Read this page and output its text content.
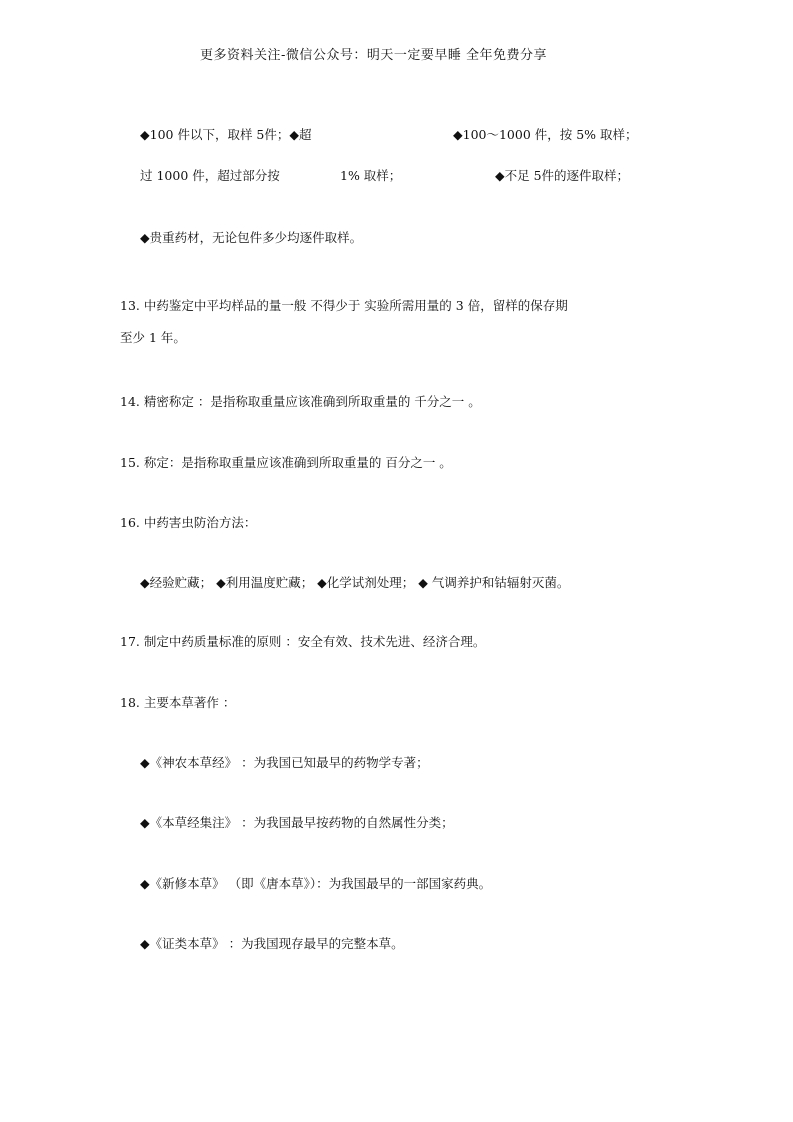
更多资料关注-微信公众号：明天一定要早睡 全年免费分享
◆100 件以下，取样 5件；◆超	◆100～1000 件，按 5% 取样；
过 1000 件，超过部分按	1% 取样；	◆不足 5件的逐件取样；
◆贵重药材，无论包件多少均逐件取样。
13. 中药鉴定中平均样品的量一般 不得少于 实验所需用量的 3 倍，留样的保存期
至少 1 年。
14. 精密称定 ：是指称取重量应该准确到所取重量的 千分之一 。
15. 称定：是指称取重量应该准确到所取重量的 百分之一 。
16. 中药害虫防治方法：
◆经验贮藏； ◆利用温度贮藏； ◆化学试剂处理； ◆ 气调养护和钴辐射灭菌。
17. 制定中药质量标准的原则 ：安全有效、技术先进、经济合理。
18. 主要本草著作 ：
◆《神农本草经》 ：为我国已知最早的药物学专著；
◆《本草经集注》 ：为我国最早按药物的自然属性分类；
◆《新修本草》 （即《唐本草》）：为我国最早的一部国家药典。
◆《证类本草》 ：为我国现存最早的完整本草。
